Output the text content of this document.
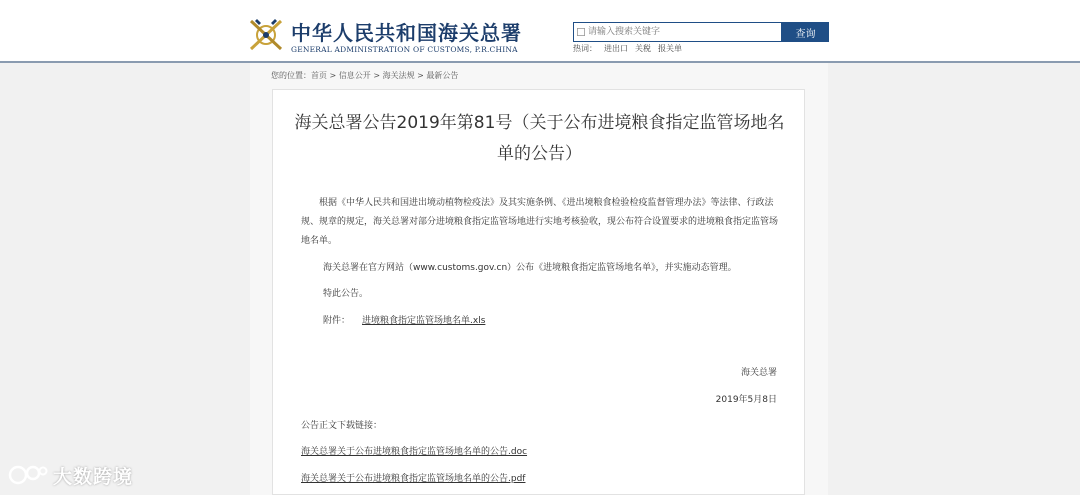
中华人民共和国海关总署
GENERAL ADMINISTRATION OF CUSTOMS, P.R.CHINA
请输入搜索关键字
查询
热词： 进出口 关税 报关单
您的位置：首页 > 信息公开 > 海关法规 > 最新公告
海关总署公告2019年第81号（关于公布进境粮食指定监管场地名单的公告）
根据《中华人民共和国进出境动植物检疫法》及其实施条例、《进出境粮食检验检疫监督管理办法》等法律、行政法规、规章的规定，海关总署对部分进境粮食指定监管场地进行实地考核验收，现公布符合设置要求的进境粮食指定监管场地名单。
海关总署在官方网站（www.customs.gov.cn）公布《进境粮食指定监管场地名单》，并实施动态管理。
特此公告。
附件： 进境粮食指定监管场地名单.xls
海关总署
2019年5月8日
公告正文下载链接：
海关总署关于公布进境粮食指定监管场地名单的公告.doc
海关总署关于公布进境粮食指定监管场地名单的公告.pdf
大数跨境
